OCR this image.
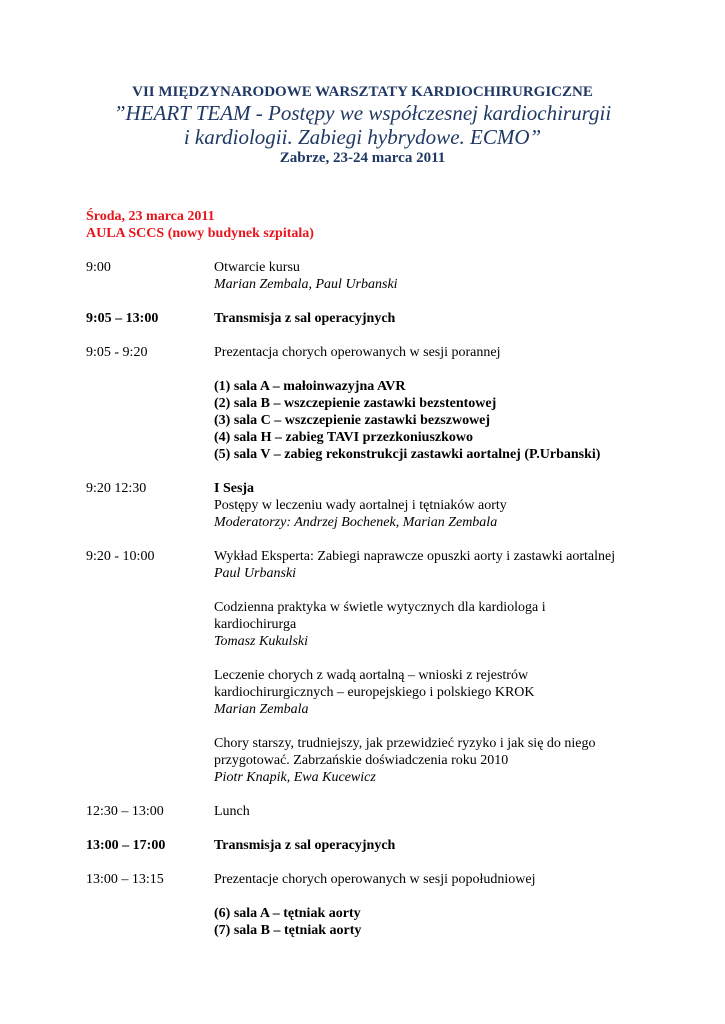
VII MIĘDZYNARODOWE WARSZTATY KARDIOCHIRURGICZNE
”HEART TEAM - Postępy we współczesnej kardiochirurgii
i kardiologii. Zabiegi hybrydowe. ECMO”
Zabrze, 23-24 marca 2011
Środa, 23 marca 2011
AULA SCCS (nowy budynek szpitala)
9:00	Otwarcie kursu
Marian Zembala, Paul Urbanski
9:05 – 13:00	Transmisja z sal operacyjnych
9:05 - 9:20	Prezentacja chorych operowanych w sesji porannej
(1) sala A – małoinwazyjna AVR
(2) sala B – wszczepienie zastawki bezstentowej
(3) sala C – wszczepienie zastawki bezszwowej
(4) sala H – zabieg TAVI przezkoniuszkowo
(5) sala V – zabieg rekonstrukcji zastawki aortalnej (P.Urbanski)
9:20 12:30	I Sesja
Postępy w leczeniu wady aortalnej i tętniaków aorty
Moderatorzy: Andrzej Bochenek, Marian Zembala
9:20 - 10:00	Wykład Eksperta: Zabiegi naprawcze opuszki aorty i zastawki aortalnej
Paul Urbanski
Codzienna praktyka w świetle wytycznych dla kardiologa i
kardiochirurga
Tomasz Kukulski
Leczenie chorych z wadą aortalną – wnioski z rejestrów
kardiochirurgicznych – europejskiego i polskiego KROK
Marian Zembala
Chory starszy, trudniejszy, jak przewidzieć ryzyko i jak się do niego
przygotować. Zabrzańskie doświadczenia roku 2010
Piotr Knapik, Ewa Kucewicz
12:30 – 13:00	Lunch
13:00 – 17:00	Transmisja z sal operacyjnych
13:00 – 13:15	Prezentacje chorych operowanych w sesji popołudniowej
(6) sala A – tętniak aorty
(7) sala B – tętniak aorty
